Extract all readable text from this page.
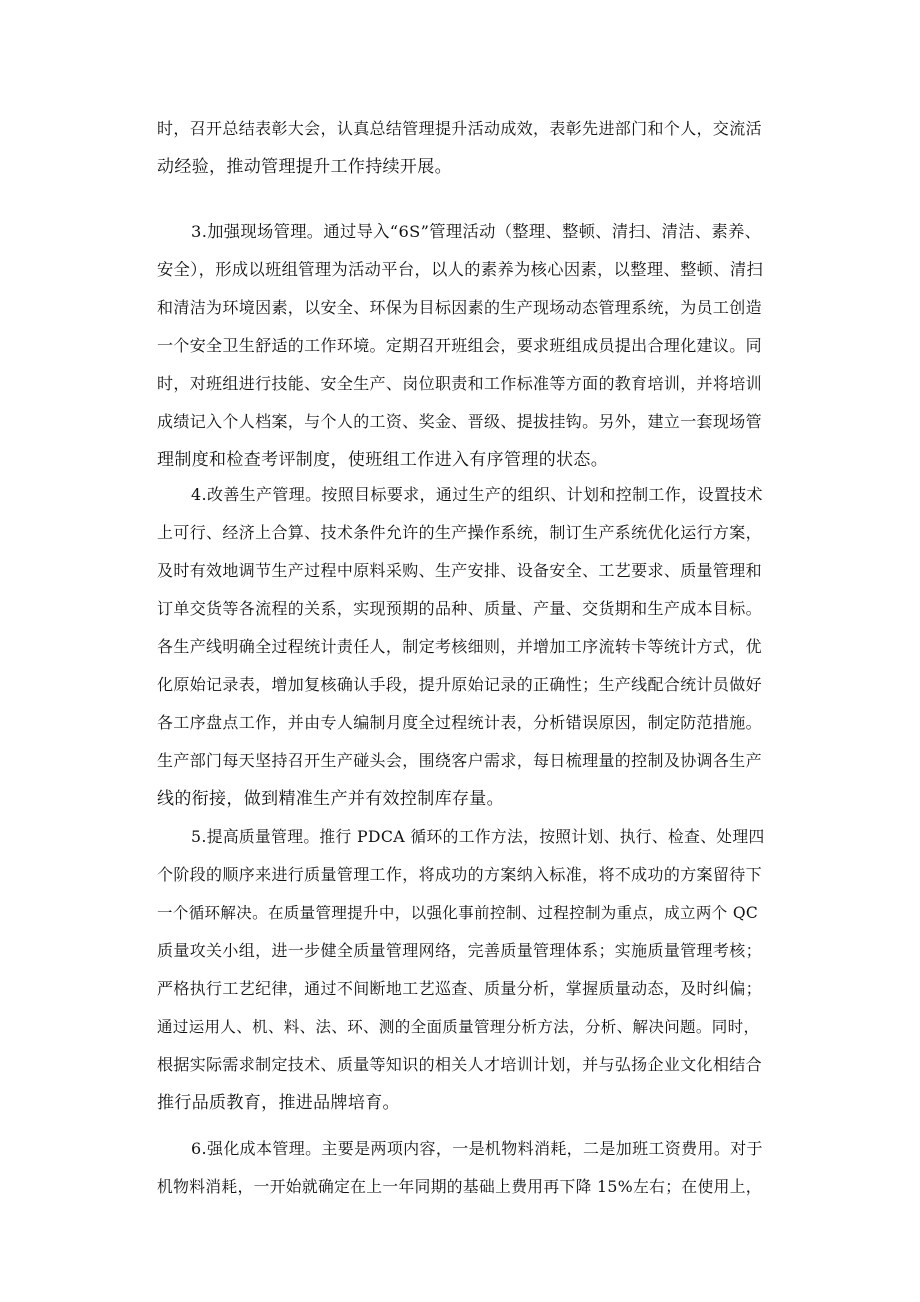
时，召开总结表彰大会，认真总结管理提升活动成效，表彰先进部门和个人，交流活
动经验，推动管理提升工作持续开展。
3.加强现场管理。通过导入“6S”管理活动（整理、整顿、清扫、清洁、素养、
安全），形成以班组管理为活动平台，以人的素养为核心因素，以整理、整顿、清扫
和清洁为环境因素，以安全、环保为目标因素的生产现场动态管理系统，为员工创造
一个安全卫生舒适的工作环境。定期召开班组会，要求班组成员提出合理化建议。同
时，对班组进行技能、安全生产、岗位职责和工作标准等方面的教育培训，并将培训
成绩记入个人档案，与个人的工资、奖金、晋级、提拔挂钩。另外，建立一套现场管
理制度和检查考评制度，使班组工作进入有序管理的状态。
4.改善生产管理。按照目标要求，通过生产的组织、计划和控制工作，设置技术
上可行、经济上合算、技术条件允许的生产操作系统，制订生产系统优化运行方案，
及时有效地调节生产过程中原料采购、生产安排、设备安全、工艺要求、质量管理和
订单交货等各流程的关系，实现预期的品种、质量、产量、交货期和生产成本目标。
各生产线明确全过程统计责任人，制定考核细则，并增加工序流转卡等统计方式，优
化原始记录表，增加复核确认手段，提升原始记录的正确性；生产线配合统计员做好
各工序盘点工作，并由专人编制月度全过程统计表，分析错误原因，制定防范措施。
生产部门每天坚持召开生产碰头会，围绕客户需求，每日梳理量的控制及协调各生产
线的衔接，做到精准生产并有效控制库存量。
5.提高质量管理。推行 PDCA 循环的工作方法，按照计划、执行、检查、处理四
个阶段的顺序来进行质量管理工作，将成功的方案纳入标准，将不成功的方案留待下
一个循环解决。在质量管理提升中，以强化事前控制、过程控制为重点，成立两个 QC
质量攻关小组，进一步健全质量管理网络，完善质量管理体系；实施质量管理考核；
严格执行工艺纪律，通过不间断地工艺巡查、质量分析，掌握质量动态，及时纠偏；
通过运用人、机、料、法、环、测的全面质量管理分析方法，分析、解决问题。同时，
根据实际需求制定技术、质量等知识的相关人才培训计划，并与弘扬企业文化相结合
推行品质教育，推进品牌培育。
6.强化成本管理。主要是两项内容，一是机物料消耗，二是加班工资费用。对于
机物料消耗，一开始就确定在上一年同期的基础上费用再下降 15%左右；在使用上，
